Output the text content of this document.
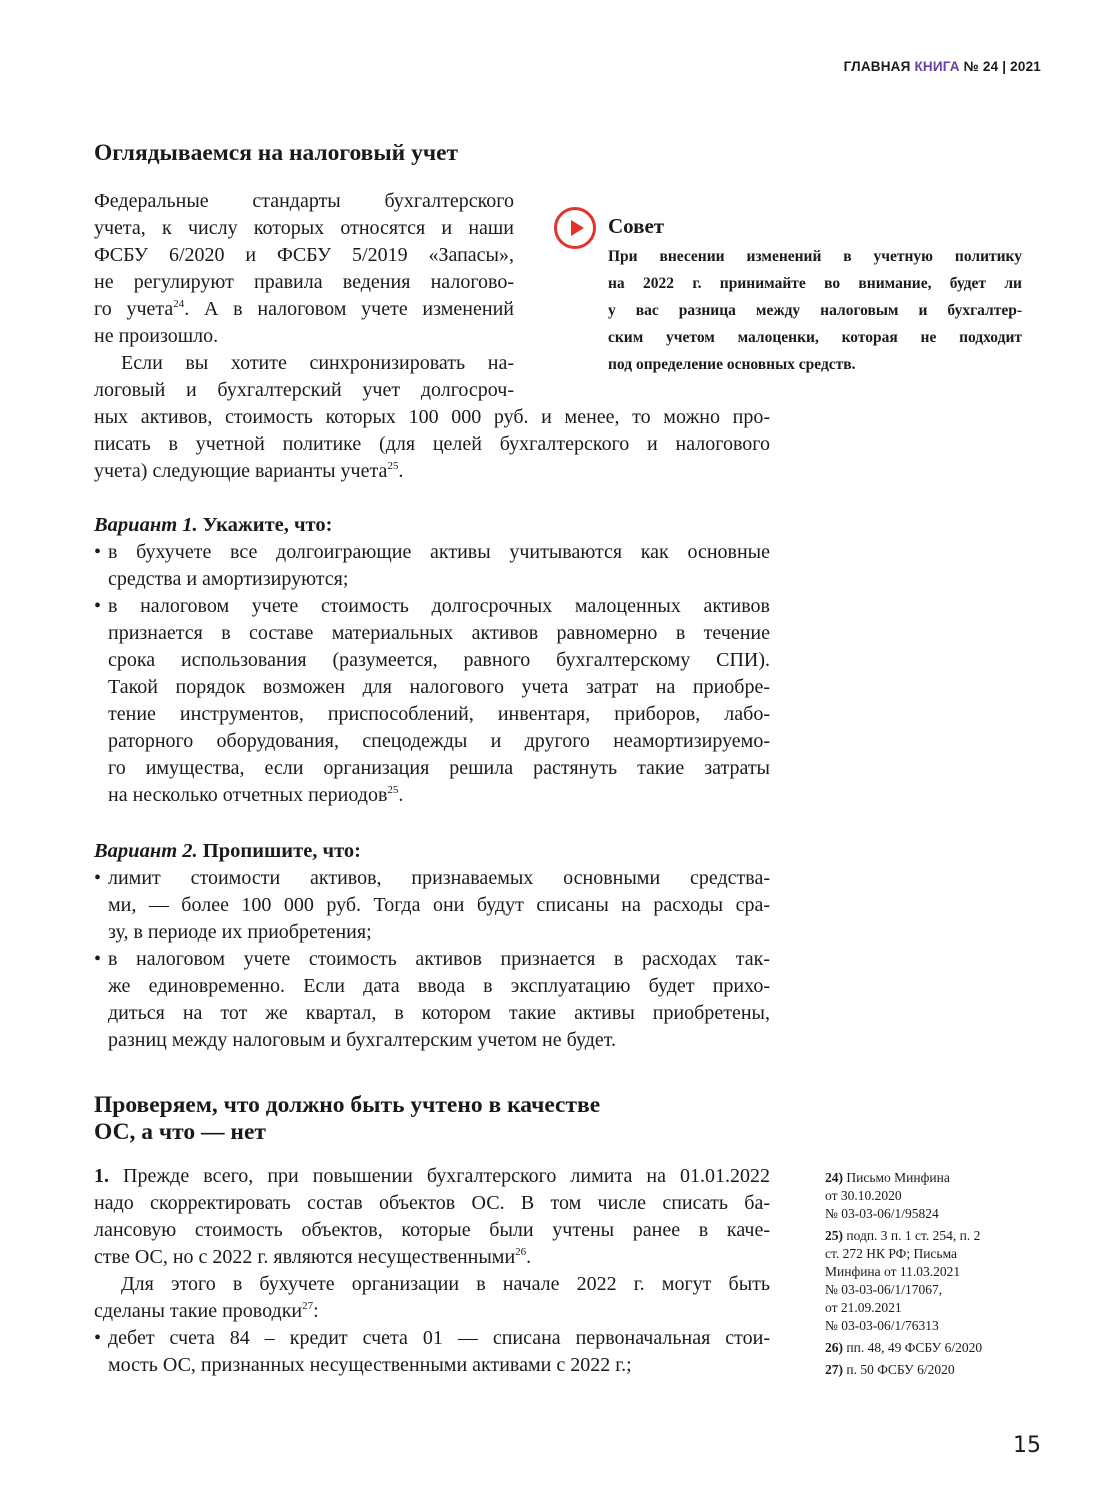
ГЛАВНАЯ КНИГА № 24 | 2021
Оглядываемся на налоговый учет
Совет
При внесении изменений в учетную политику
на 2022 г. принимайте во внимание, будет ли
у вас разница между налоговым и бухгалтер-
ским учетом малоценки, которая не подходит
под определение основных средств.
Федеральные стандарты бухгалтерского
учета, к числу которых относятся и наши
ФСБУ 6/2020 и ФСБУ 5/2019 «Запасы»,
не регулируют правила ведения налогово-
го учета$^{24}$. А в налоговом учете изменений
не произошло.
Если вы хотите синхронизировать на-
логовый и бухгалтерский учет долгосроч-
ных активов, стоимость которых 100 000 руб. и менее, то можно про-
писать в учетной политике (для целей бухгалтерского и налогового
учета) следующие варианты учета$^{25}$.
Вариант 1. Укажите, что:
• в бухучете все долгоиграющие активы учитываются как основные
средства и амортизируются;
• в налоговом учете стоимость долгосрочных малоценных активов
признается в составе материальных активов равномерно в течение
срока использования (разумеется, равного бухгалтерскому СПИ).
Такой порядок возможен для налогового учета затрат на приобре-
тение инструментов, приспособлений, инвентаря, приборов, лабо-
раторного оборудования, спецодежды и другого неамортизируемо-
го имущества, если организация решила растянуть такие затраты
на несколько отчетных периодов$^{25}$.
Вариант 2. Пропишите, что:
• лимит стоимости активов, признаваемых основными средства-
ми, — более 100 000 руб. Тогда они будут списаны на расходы сра-
зу, в периоде их приобретения;
• в налоговом учете стоимость активов признается в расходах так-
же единовременно. Если дата ввода в эксплуатацию будет прихо-
диться на тот же квартал, в котором такие активы приобретены,
разниц между налоговым и бухгалтерским учетом не будет.
Проверяем, что должно быть учтено в качестве
ОС, а что — нет
1. Прежде всего, при повышении бухгалтерского лимита на 01.01.2022
надо скорректировать состав объектов ОС. В том числе списать ба-
лансовую стоимость объектов, которые были учтены ранее в каче-
стве ОС, но с 2022 г. являются несущественными$^{26}$.
Для этого в бухучете организации в начале 2022 г. могут быть
сделаны такие проводки$^{27}$:
• дебет счета 84 – кредит счета 01 — списана первоначальная стои-
мость ОС, признанных несущественными активами с 2022 г.;
24) Письмо Минфина
от 30.10.2020
№ 03-03-06/1/95824
25) подп. 3 п. 1 ст. 254, п. 2
ст. 272 НК РФ; Письма
Минфина от 11.03.2021
№ 03-03-06/1/17067,
от 21.09.2021
№ 03-03-06/1/76313
26) пп. 48, 49 ФСБУ 6/2020
27) п. 50 ФСБУ 6/2020
15
